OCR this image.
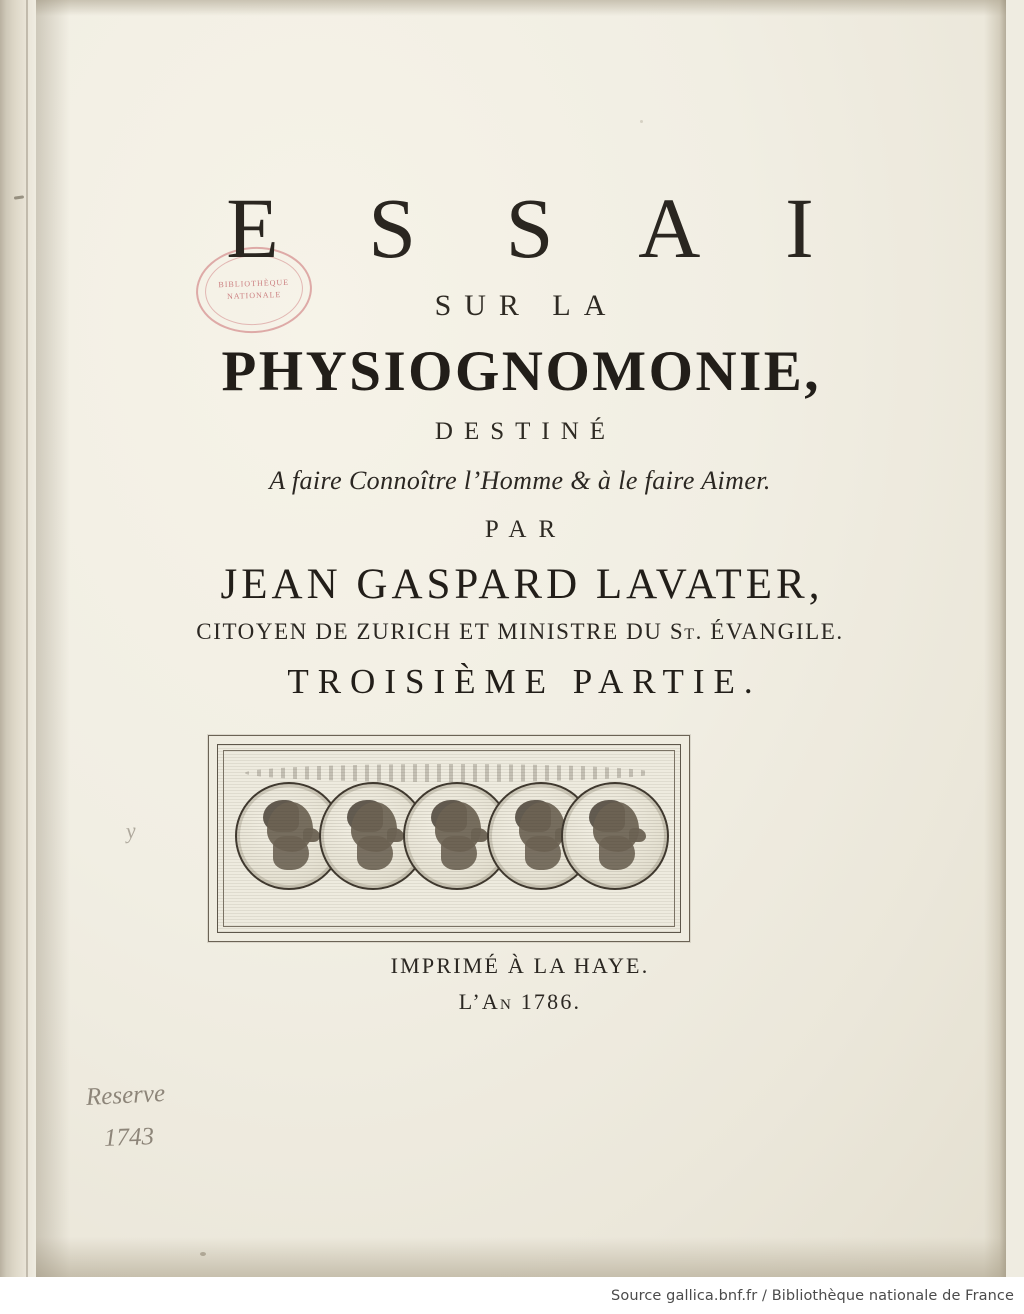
BIBLIOTHÈQUE NATIONALE
E S S A I
SUR LA
PHYSIOGNOMONIE,
DESTINÉ
A faire Connoître l’Homme & à le faire Aimer.
PAR
JEAN GASPARD LAVATER,
CITOYEN DE ZURICH ET MINISTRE DU St. ÉVANGILE.
TROISIÈME PARTIE.
IMPRIMÉ À LA HAYE.
L’An 1786.
Reserve
1743
y
Source gallica.bnf.fr / Bibliothèque nationale de France
